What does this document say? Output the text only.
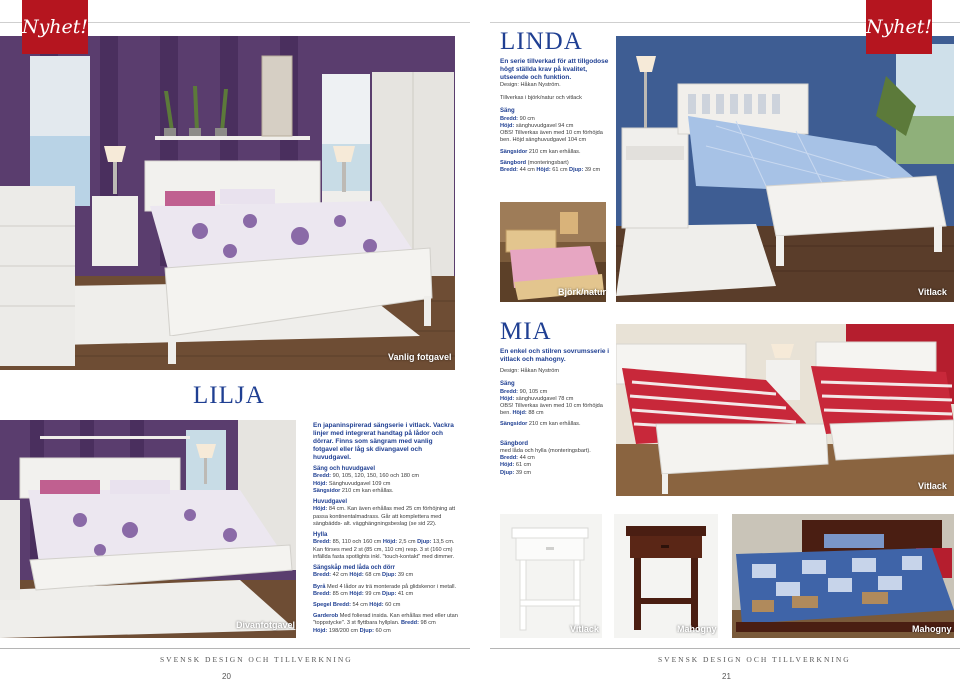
Vanlig fotgavel
Nyhet!
LILJA
Divanfotgavel
En japaninspirerad sängserie i vitlack. Vackra linjer med integrerat handtag på lådor och dörrar. Finns som sängram med vanlig fotgavel eller låg sk divangavel och huvudgavel.
Säng och huvudgavel
Bredd: 90, 105, 120, 150, 160 och 180 cm
Höjd: Sänghuvudgavel 109 cm
Sängsidor 210 cm kan erhållas.
Huvudgavel
Höjd: 84 cm. Kan även erhållas med 25 cm förhöjning att passa kontinentalmadrass. Går att komplettera med sängbädds- alt. vägghängningsbeslag (se sid 22).
Hylla
Bredd: 85, 110 och 160 cm Höjd: 2,5 cm Djup: 13,5 cm.
Kan förses med 2 st (85 cm, 110 cm) resp. 3 st (160 cm) infällda fasta spotlights inkl. "touch-kontakt" med dimmer.
Sängskåp med låda och dörr
Bredd: 42 cm Höjd: 68 cm Djup: 39 cm
Byrå Med 4 lådor av trä monterade på glidskenor i metall.
Bredd: 85 cm Höjd: 99 cm Djup: 41 cm
Spegel Bredd: 54 cm Höjd: 60 cm
Garderob Med folierad insida. Kan erhållas med eller utan "toppstycke". 3 st flyttbara hyllplan. Bredd: 98 cm
Höjd: 198/200 cm Djup: 60 cm
SVENSK DESIGN OCH TILLVERKNING
20
LINDA
En serie tillverkad för att tillgodose högt ställda krav på kvalitet, utseende och funktion.
Design: Håkan Nyström.
Tillverkas i björk/natur och vitlack
Säng
Bredd: 90 cm
Höjd: sänghuvudgavel 94 cm
OBS! Tillverkas även med 10 cm förhöjda ben. Höjd sänghuvudgavel 104 cm
Sängsidor 210 cm kan erhållas.
Sängbord (monteringsbart)
Bredd: 44 cm Höjd: 61 cm Djup: 39 cm
Björk/natur	Vitlack
Nyhet!
MIA
En enkel och stilren sovrumsserie i vitlack och mahogny.
Design: Håkan Nyström
Säng
Bredd: 90, 105 cm
Höjd: sänghuvudgavel 78 cm
OBS! Tillverkas även med 10 cm förhöjda ben. Höjd: 88 cm
Sängsidor 210 cm kan erhållas.
Sängbord
med låda och hylla (monteringsbart).
Bredd: 44 cm
Höjd: 61 cm
Djup: 39 cm
Vitlack
Vitlack	Mahogny	Mahogny
SVENSK DESIGN OCH TILLVERKNING
21
